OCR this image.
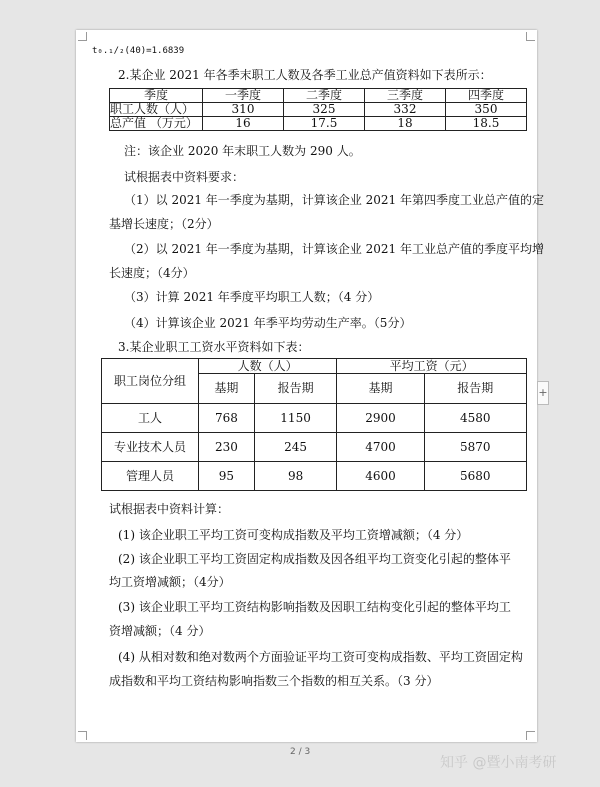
t₀.₁/₂(40)=1.6839
2.某企业 2021 年各季末职工人数及各季工业总产值资料如下表所示：
季度	一季度	二季度	三季度	四季度
职工人数（人）	310	325	332	350
总产值 （万元）	16	17.5	18	18.5
注：该企业 2020 年末职工人数为 290 人。
试根据表中资料要求：
（1）以 2021 年一季度为基期，计算该企业 2021 年第四季度工业总产值的定
基增长速度；（2分）
（2）以 2021 年一季度为基期，计算该企业 2021 年工业总产值的季度平均增
长速度；（4分）
（3）计算 2021 年季度平均职工人数；（4 分）
（4）计算该企业 2021 年季平均劳动生产率。（5分）
3.某企业职工工资水平资料如下表：
职工岗位分组	人数（人）		平均工资（元）	
	基期	报告期	基期	报告期
工人	768	1150	2900	4580
专业技术人员	230	245	4700	5870
管理人员	95	98	4600	5680
试根据表中资料计算：
(1) 该企业职工平均工资可变构成指数及平均工资增减额；（4 分）
(2) 该企业职工平均工资固定构成指数及因各组平均工资变化引起的整体平
均工资增减额；（4分）
(3) 该企业职工平均工资结构影响指数及因职工结构变化引起的整体平均工
资增减额；（4 分）
(4) 从相对数和绝对数两个方面验证平均工资可变构成指数、平均工资固定构
成指数和平均工资结构影响指数三个指数的相互关系。（3 分）
+
2 / 3
知乎 @暨小南考研
